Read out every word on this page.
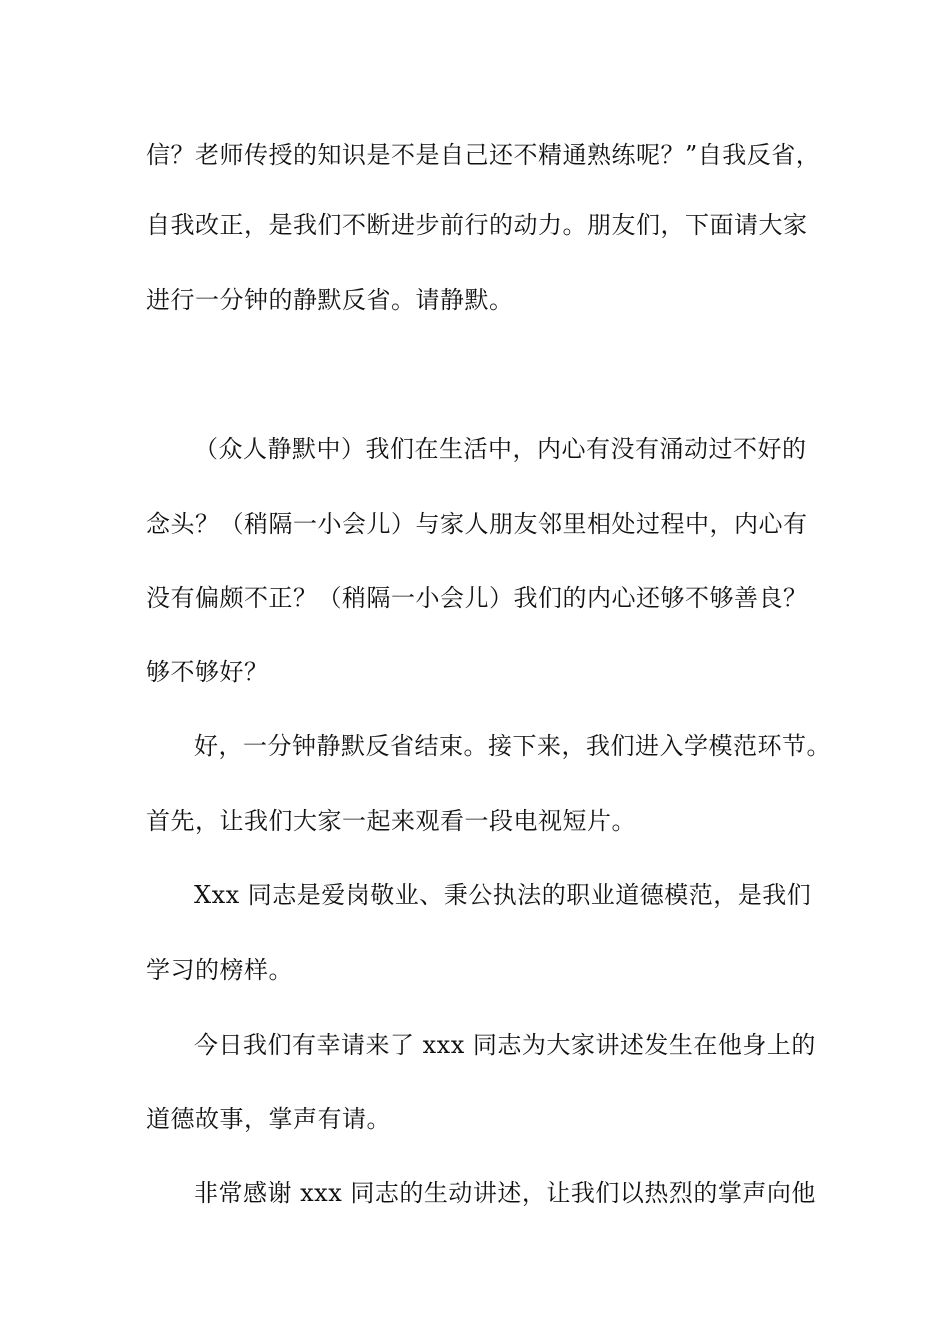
信？老师传授的知识是不是自己还不精通熟练呢？”自我反省，
自我改正，是我们不断进步前行的动力。朋友们，下面请大家
进行一分钟的静默反省。请静默。
（众人静默中）我们在生活中，内心有没有涌动过不好的
念头？（稍隔一小会儿）与家人朋友邻里相处过程中，内心有
没有偏颇不正？（稍隔一小会儿）我们的内心还够不够善良？
够不够好？
好，一分钟静默反省结束。接下来，我们进入学模范环节。
首先，让我们大家一起来观看一段电视短片。
Xxx 同志是爱岗敬业、秉公执法的职业道德模范，是我们
学习的榜样。
今日我们有幸请来了 xxx 同志为大家讲述发生在他身上的
道德故事，掌声有请。
非常感谢 xxx 同志的生动讲述，让我们以热烈的掌声向他
